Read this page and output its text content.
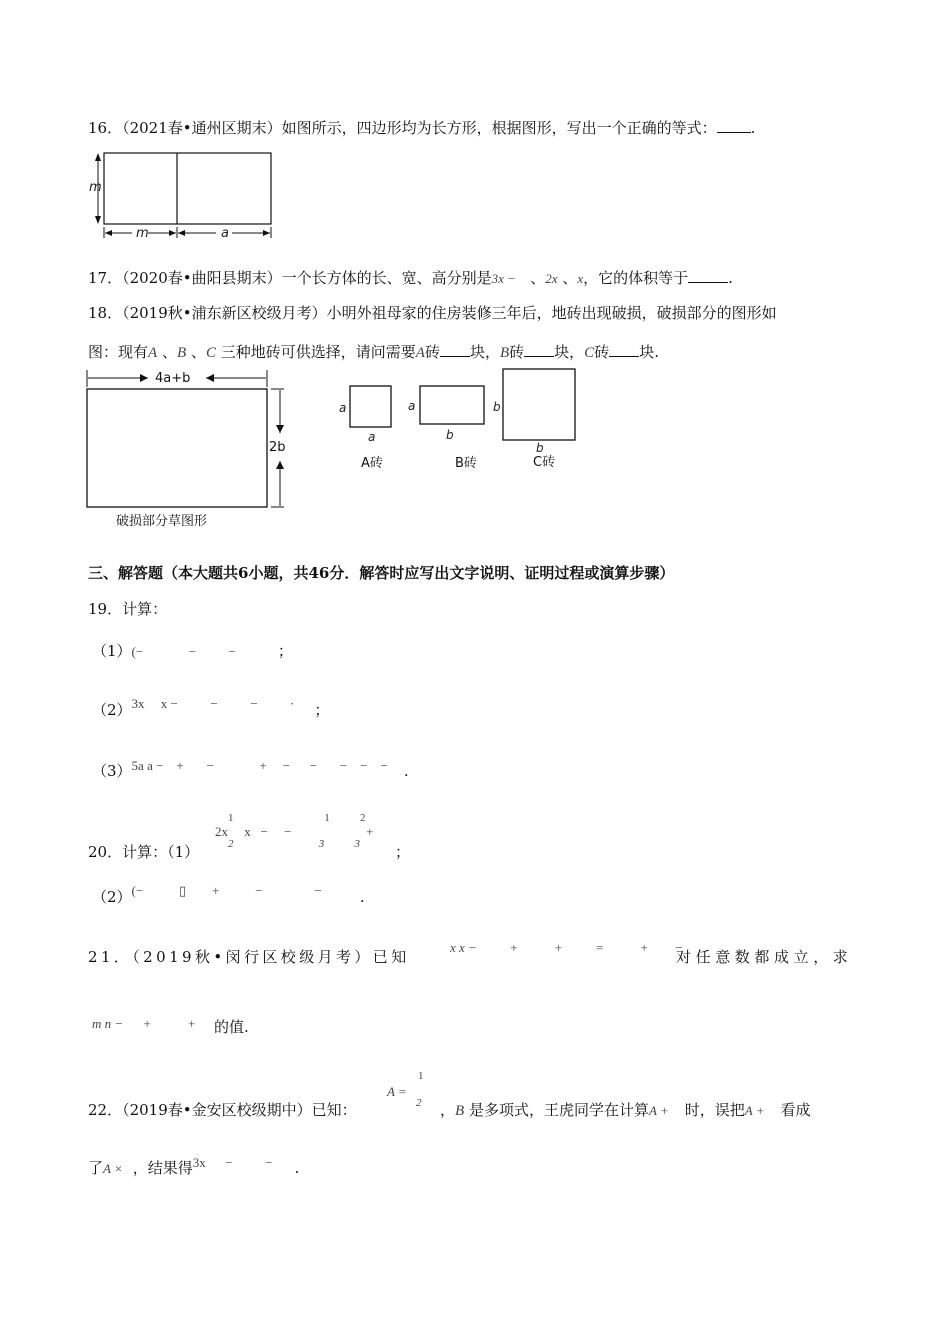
16．（2021春•通州区期末）如图所示，四边形均为长方形，根据图形，写出一个正确的等式： .
m
m	a
17．（2020春•曲阳县期末）一个长方体的长、宽、高分别是3x − 、2x 、x，它的体积等于	.
18．（2019秋•浦东新区校级月考）小明外祖母家的住房装修三年后，地砖出现破损，破损部分的图形如
图：现有A 、B 、C 三种地砖可供选择，请问需要A砖 块，B砖 块，C砖 块.
4a+b
2b
破损部分草图形
a
a
A砖
a
b
B砖
b
b
C砖
三、解答题（本大题共6小题，共46分．解答时应写出文字说明、证明过程或演算步骤）
19．计算：
（1）(−              −          −	；
（2）3x     x −          −          −          · ；
（3）5a a −    +       −              +     −      −       −    −    − .
1                                 1           2
20．计算：（1）
2x     x   −     −                       +
2                               3           3 ；
（2）(−           ▯        +           −                −	.
21．（2019秋•闵行区校级月考）已知
x x −          +           +          =           +        −
对任意数都成立，求
m n −      +           + 的值.
1
22．（2019春•金安区校级期中）已知：
A =
2 ，B 是多项式，王虎同学在计算A + 时，误把A + 看成
了A × ，结果得3x      −          − .
